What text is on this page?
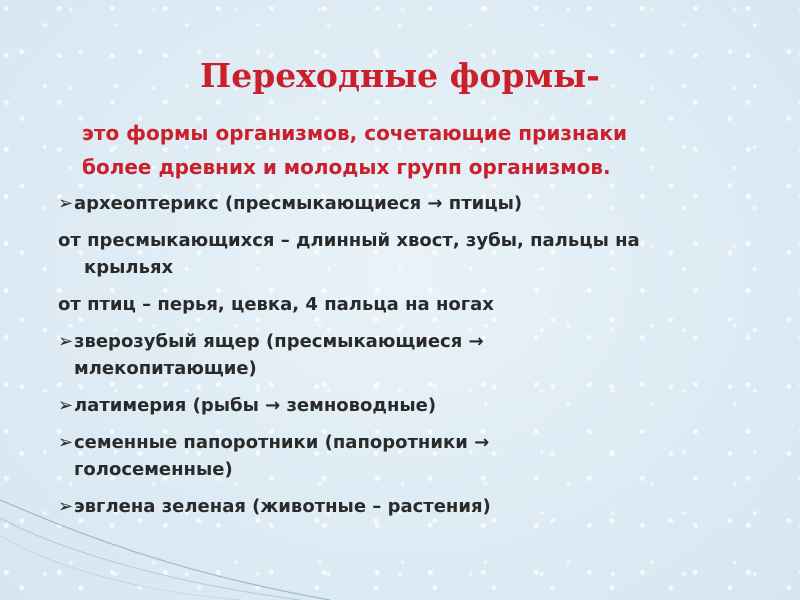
Переходные формы-
это формы организмов, сочетающие признаки
более древних и молодых групп организмов.
➢ археоптерикс (пресмыкающиеся → птицы)
от пресмыкающихся – длинный хвост, зубы, пальцы на
крыльях
от птиц – перья, цевка, 4 пальца на ногах
➢ зверозубый ящер (пресмыкающиеся →
млекопитающие)
➢ латимерия (рыбы → земноводные)
➢ семенные папоротники (папоротники →
голосеменные)
➢ эвглена зеленая (животные – растения)
